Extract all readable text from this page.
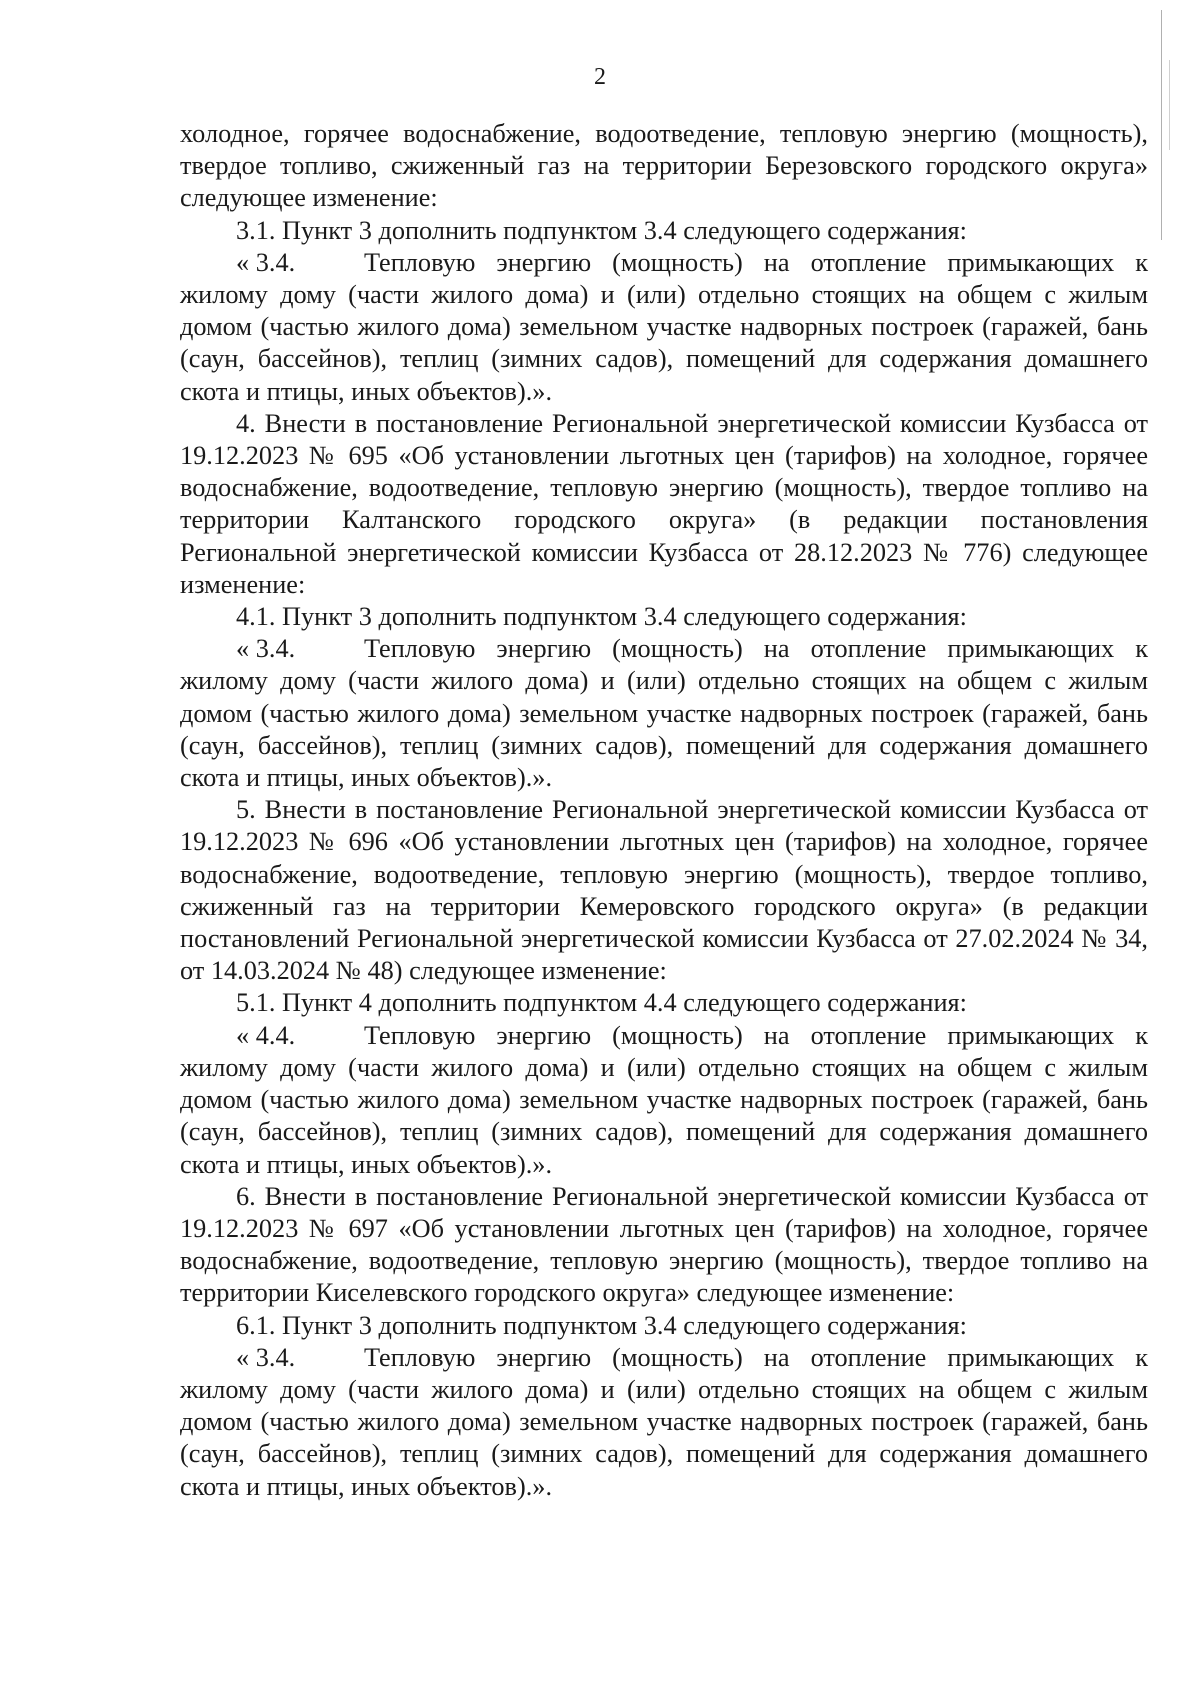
2

холодное, горячее водоснабжение, водоотведение, тепловую энергию (мощность), твердое топливо, сжиженный газ на территории Березовского городского округа» следующее изменение:

3.1. Пункт 3 дополнить подпунктом 3.4 следующего содержания:

« 3.4.	Тепловую энергию (мощность) на отопление примыкающих к

жилому дому (части жилого дома) и (или) отдельно стоящих на общем с жилым домом (частью жилого дома) земельном участке надворных построек (гаражей, бань (саун, бассейнов), теплиц (зимних садов), помещений для содержания домашнего скота и птицы, иных объектов).».

4. Внести в постановление Региональной энергетической комиссии Кузбасса от 19.12.2023 № 695 «Об установлении льготных цен (тарифов) на холодное, горячее водоснабжение, водоотведение, тепловую энергию (мощность), твердое топливо на территории Калтанского городского округа» (в редакции постановления Региональной энергетической комиссии Кузбасса от 28.12.2023 № 776) следующее изменение:

4.1. Пункт 3 дополнить подпунктом 3.4 следующего содержания:

« 3.4.	Тепловую энергию (мощность) на отопление примыкающих к

жилому дому (части жилого дома) и (или) отдельно стоящих на общем с жилым домом (частью жилого дома) земельном участке надворных построек (гаражей, бань (саун, бассейнов), теплиц (зимних садов), помещений для содержания домашнего скота и птицы, иных объектов).».

5. Внести в постановление Региональной энергетической комиссии Кузбасса от 19.12.2023 № 696 «Об установлении льготных цен (тарифов) на холодное, горячее водоснабжение, водоотведение, тепловую энергию (мощность), твердое топливо, сжиженный газ на территории Кемеровского городского округа» (в редакции постановлений Региональной энергетической комиссии Кузбасса от 27.02.2024 № 34, от 14.03.2024 № 48) следующее изменение:

5.1. Пункт 4 дополнить подпунктом 4.4 следующего содержания:

« 4.4.	Тепловую энергию (мощность) на отопление примыкающих к

жилому дому (части жилого дома) и (или) отдельно стоящих на общем с жилым домом (частью жилого дома) земельном участке надворных построек (гаражей, бань (саун, бассейнов), теплиц (зимних садов), помещений для содержания домашнего скота и птицы, иных объектов).».

6. Внести в постановление Региональной энергетической комиссии Кузбасса от 19.12.2023 № 697 «Об установлении льготных цен (тарифов) на холодное, горячее водоснабжение, водоотведение, тепловую энергию (мощность), твердое топливо на территории Киселевского городского округа» следующее изменение:

6.1. Пункт 3 дополнить подпунктом 3.4 следующего содержания:

« 3.4.	Тепловую энергию (мощность) на отопление примыкающих к

жилому дому (части жилого дома) и (или) отдельно стоящих на общем с жилым домом (частью жилого дома) земельном участке надворных построек (гаражей, бань (саун, бассейнов), теплиц (зимних садов), помещений для содержания домашнего скота и птицы, иных объектов).».
